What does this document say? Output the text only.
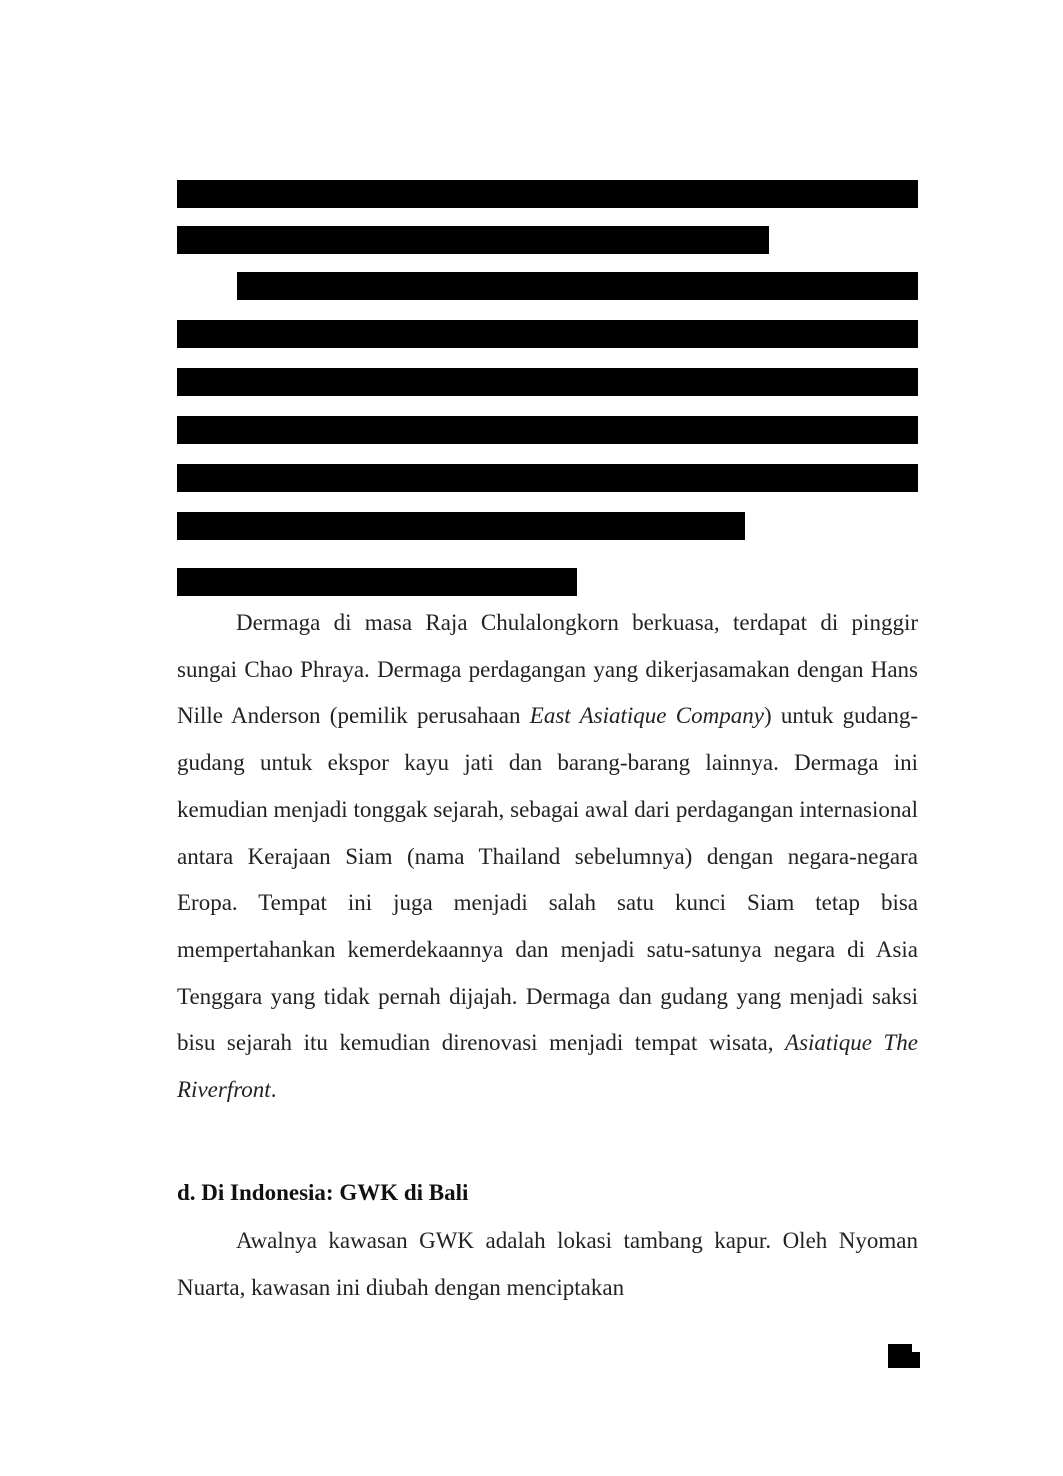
Dermaga di masa Raja Chulalongkorn berkuasa, terdapat di pinggir sungai Chao Phraya. Dermaga perdagangan yang dikerjasamakan dengan Hans Nille Anderson (pemilik perusahaan East Asiatique Company) untuk gudang-gudang untuk ekspor kayu jati dan barang-barang lainnya. Dermaga ini kemudian menjadi tonggak sejarah, sebagai awal dari perdagangan internasional antara Kerajaan Siam (nama Thailand sebelumnya) dengan negara-negara Eropa. Tempat ini juga menjadi salah satu kunci Siam tetap bisa mempertahankan kemerdekaannya dan menjadi satu-satunya negara di Asia Tenggara yang tidak pernah dijajah. Dermaga dan gudang yang menjadi saksi bisu sejarah itu kemudian direnovasi menjadi tempat wisata, Asiatique The Riverfront.

d. Di Indonesia: GWK di Bali

Awalnya kawasan GWK adalah lokasi tambang kapur. Oleh Nyoman Nuarta, kawasan ini diubah dengan menciptakan
